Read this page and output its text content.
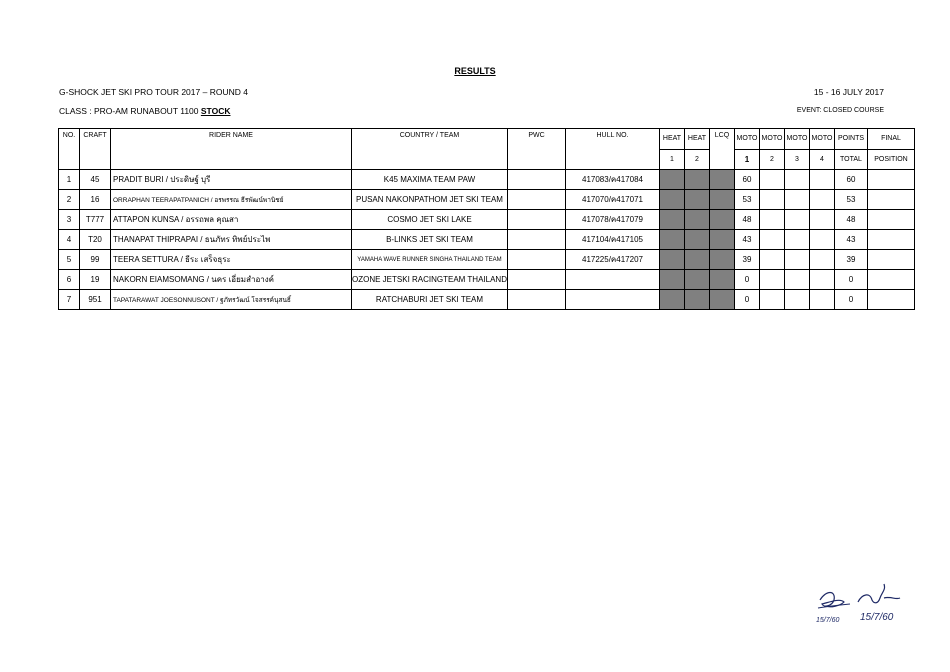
RESULTS
G-SHOCK JET SKI PRO TOUR 2017 – ROUND 4	15 - 16 JULY 2017
CLASS : PRO-AM RUNABOUT 1100 STOCK	EVENT: CLOSED COURSE
NO.	CRAFT	RIDER NAME	COUNTRY / TEAM	PWC	HULL NO.	HEAT	HEAT	LCQ	MOTO	MOTO	MOTO	MOTO	POINTS	FINAL
						1	2		1	2	3	4	TOTAL	POSITION
1	45	PRADIT BURI / ประดิษฐ์ บุรี	K45 MAXIMA TEAM PAW		417083/ค417084				60				60	
2	16	ORRAPHAN TEERAPATPANICH / อรพรรณ ธีรพัฒน์พานิชย์	PUSAN NAKONPATHOM JET SKI TEAM		417070/ค417071				53				53	
3	T777	ATTAPON KUNSA / อรรถพล คุณสา	COSMO JET SKI LAKE		417078/ค417079				48				48	
4	T20	THANAPAT THIPRAPAI / ธนภัทร ทิพย์ประไพ	B-LINKS JET SKI TEAM		417104/ค417105				43				43	
5	99	TEERA SETTURA / ธีระ เสร็จธุระ	YAMAHA WAVE RUNNER SINGHA THAILAND TEAM		417225/ค417207				39				39	
6	19	NAKORN EIAMSOMANG / นคร เอี่ยมสำอางค์	OZONE JETSKI RACINGTEAM THAILAND						0				0	
7	951	TAPATARAWAT JOESONNUSONT / ฐภัทรวัฒน์ โจสรรค์นุสนธิ์	RATCHABURI JET SKI TEAM						0				0	
15/7/60 15/7/60
